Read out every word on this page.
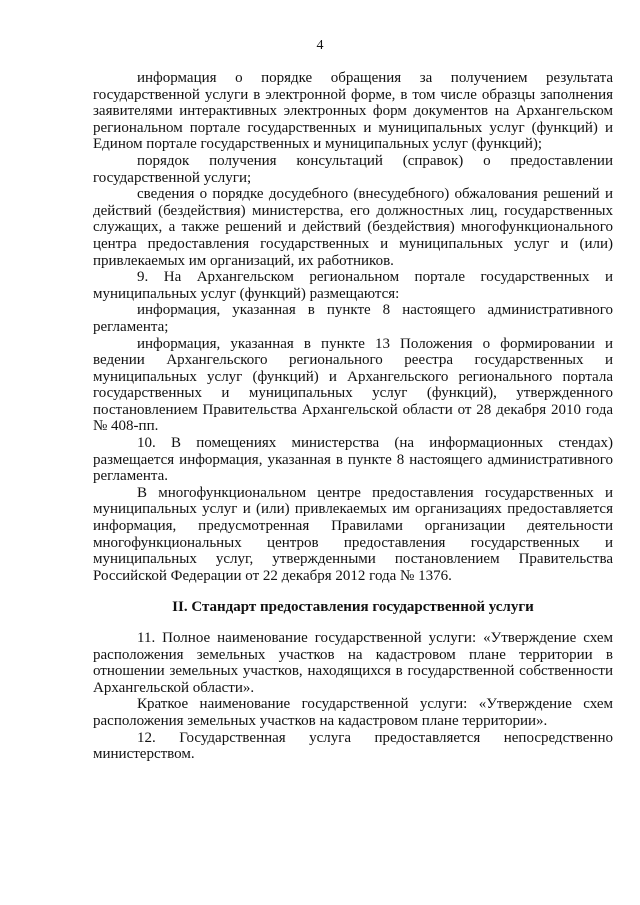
4

информация о порядке обращения за получением результата государственной услуги в электронной форме, в том числе образцы заполнения заявителями интерактивных электронных форм документов на Архангельском региональном портале государственных и муниципальных услуг (функций) и Едином портале государственных и муниципальных услуг (функций);

порядок получения консультаций (справок) о предоставлении государственной услуги;

сведения о порядке досудебного (внесудебного) обжалования решений и действий (бездействия) министерства, его должностных лиц, государственных служащих, а также решений и действий (бездействия) многофункционального центра предоставления государственных и муниципальных услуг и (или) привлекаемых им организаций, их работников.

9. На Архангельском региональном портале государственных и муниципальных услуг (функций) размещаются:

информация, указанная в пункте 8 настоящего административного регламента;

информация, указанная в пункте 13 Положения о формировании и ведении Архангельского регионального реестра государственных и муниципальных услуг (функций) и Архангельского регионального портала государственных и муниципальных услуг (функций), утвержденного постановлением Правительства Архангельской области от 28 декабря 2010 года № 408-пп.

10. В помещениях министерства (на информационных стендах) размещается информация, указанная в пункте 8 настоящего административного регламента.

В многофункциональном центре предоставления государственных и муниципальных услуг и (или) привлекаемых им организациях предоставляется информация, предусмотренная Правилами организации деятельности многофункциональных центров предоставления государственных и муниципальных услуг, утвержденными постановлением Правительства Российской Федерации от 22 декабря 2012 года № 1376.

II. Стандарт предоставления государственной услуги

11. Полное наименование государственной услуги: «Утверждение схем расположения земельных участков на кадастровом плане территории в отношении земельных участков, находящихся в государственной собственности Архангельской области».

Краткое наименование государственной услуги: «Утверждение схем расположения земельных участков на кадастровом плане территории».

12. Государственная услуга предоставляется непосредственно министерством.
